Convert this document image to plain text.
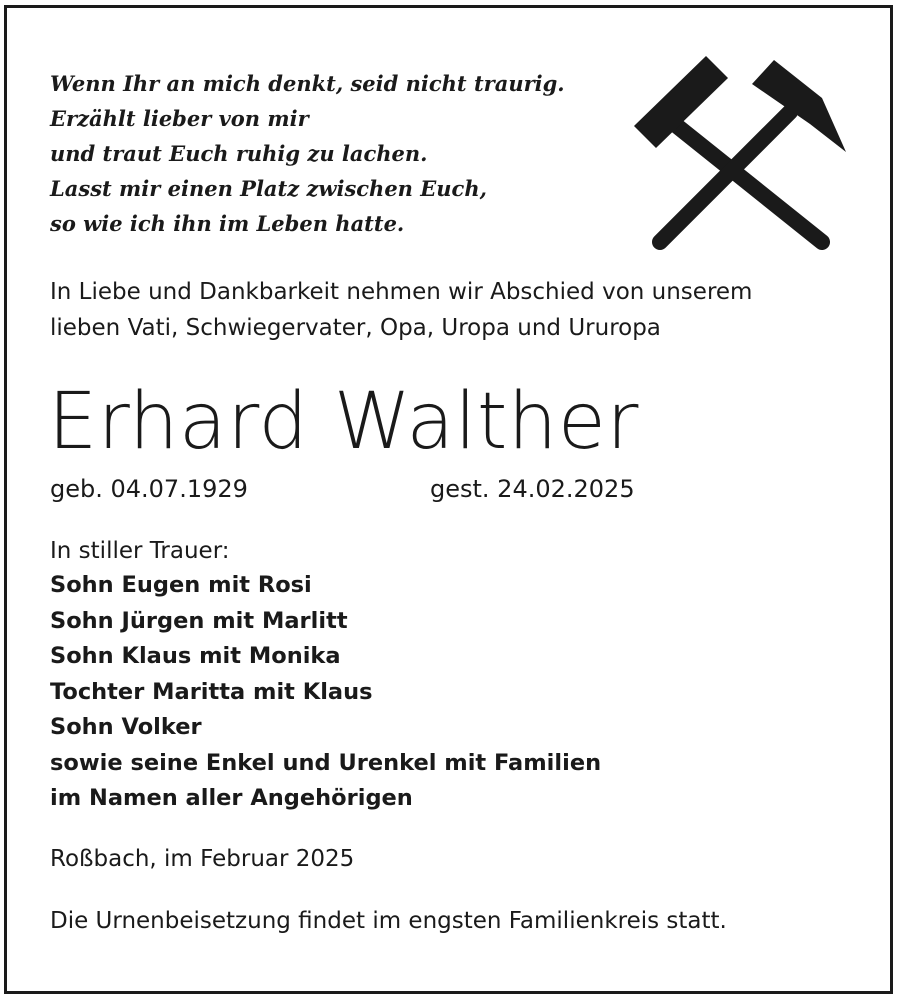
Wenn Ihr an mich denkt, seid nicht traurig.
Erzählt lieber von mir
und traut Euch ruhig zu lachen.
Lasst mir einen Platz zwischen Euch,
so wie ich ihn im Leben hatte.
In Liebe und Dankbarkeit nehmen wir Abschied von unserem
lieben Vati, Schwiegervater, Opa, Uropa und Ururopa
Erhard Walther
geb. 04.07.1929	gest. 24.02.2025
In stiller Trauer:
Sohn Eugen mit Rosi
Sohn Jürgen mit Marlitt
Sohn Klaus mit Monika
Tochter Maritta mit Klaus
Sohn Volker
sowie seine Enkel und Urenkel mit Familien
im Namen aller Angehörigen
Roßbach, im Februar 2025
Die Urnenbeisetzung findet im engsten Familienkreis statt.
